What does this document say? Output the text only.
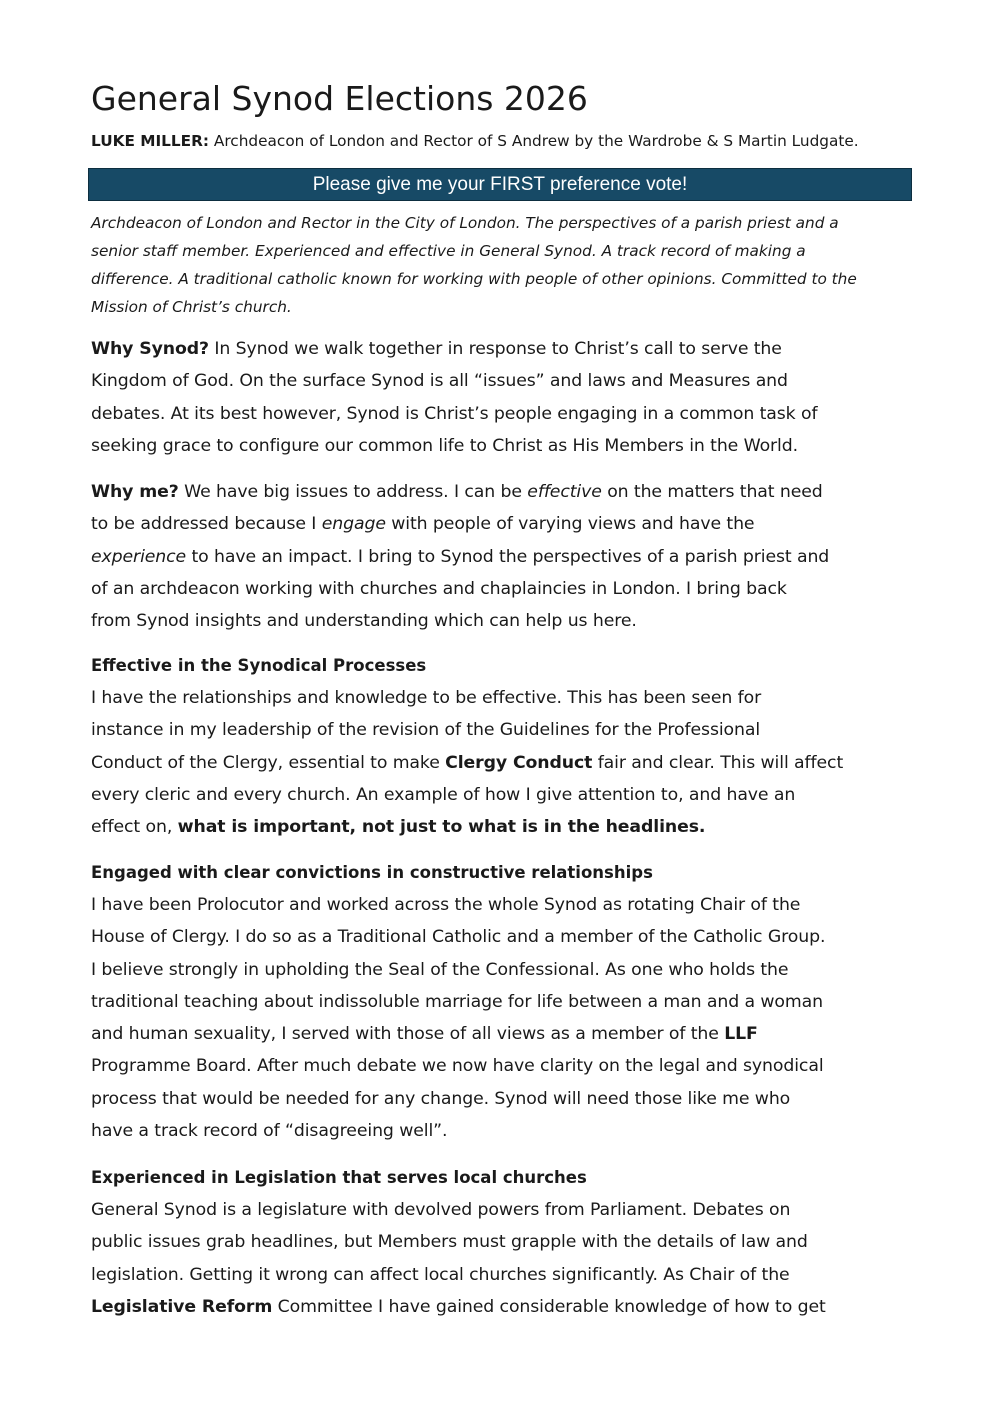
General Synod Elections 2026
LUKE MILLER: Archdeacon of London and Rector of S Andrew by the Wardrobe & S Martin Ludgate.
Please give me your FIRST preference vote!
Archdeacon of London and Rector in the City of London. The perspectives of a parish priest and a
senior staff member. Experienced and effective in General Synod. A track record of making a
difference. A traditional catholic known for working with people of other opinions. Committed to the
Mission of Christ’s church.
Why Synod? In Synod we walk together in response to Christ’s call to serve the
Kingdom of God. On the surface Synod is all “issues” and laws and Measures and
debates. At its best however, Synod is Christ’s people engaging in a common task of
seeking grace to configure our common life to Christ as His Members in the World.
Why me? We have big issues to address. I can be effective on the matters that need
to be addressed because I engage with people of varying views and have the
experience to have an impact. I bring to Synod the perspectives of a parish priest and
of an archdeacon working with churches and chaplaincies in London. I bring back
from Synod insights and understanding which can help us here.
Effective in the Synodical Processes
I have the relationships and knowledge to be effective. This has been seen for
instance in my leadership of the revision of the Guidelines for the Professional
Conduct of the Clergy, essential to make Clergy Conduct fair and clear. This will affect
every cleric and every church. An example of how I give attention to, and have an
effect on, what is important, not just to what is in the headlines.
Engaged with clear convictions in constructive relationships
I have been Prolocutor and worked across the whole Synod as rotating Chair of the
House of Clergy. I do so as a Traditional Catholic and a member of the Catholic Group.
I believe strongly in upholding the Seal of the Confessional. As one who holds the
traditional teaching about indissoluble marriage for life between a man and a woman
and human sexuality, I served with those of all views as a member of the LLF
Programme Board. After much debate we now have clarity on the legal and synodical
process that would be needed for any change. Synod will need those like me who
have a track record of “disagreeing well”.
Experienced in Legislation that serves local churches
General Synod is a legislature with devolved powers from Parliament. Debates on
public issues grab headlines, but Members must grapple with the details of law and
legislation. Getting it wrong can affect local churches significantly. As Chair of the
Legislative Reform Committee I have gained considerable knowledge of how to get
